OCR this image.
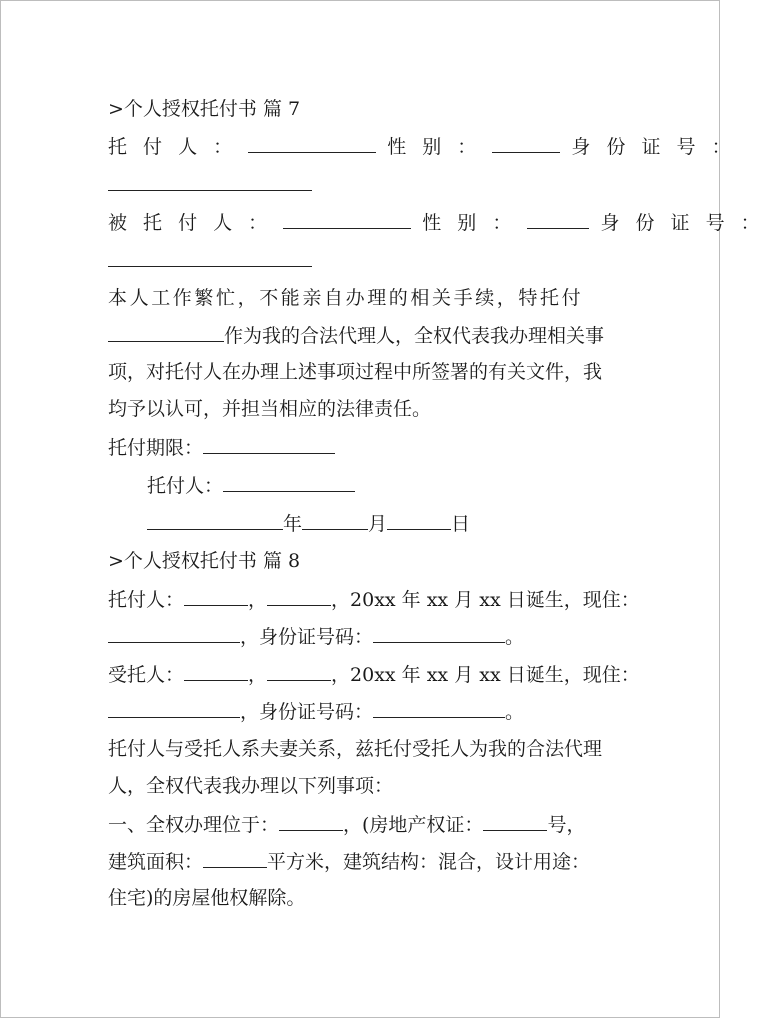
>个人授权托付书 篇 7
托 付 人 ：	性 别 ：	身 份 证 号 ：
被 托 付 人 ：	性 别 ：	身 份 证 号 ：
本人工作繁忙，不能亲自办理的相关手续，特托付
作为我的合法代理人，全权代表我办理相关事
项，对托付人在办理上述事项过程中所签署的有关文件，我
均予以认可，并担当相应的法律责任。
托付期限：
托付人：
年	月	日
>个人授权托付书 篇 8
托付人：	，	，20xx 年 xx 月 xx 日诞生，现住：
，身份证号码：	。
受托人：	，	，20xx 年 xx 月 xx 日诞生，现住：
，身份证号码：	。
托付人与受托人系夫妻关系，兹托付受托人为我的合法代理
人，全权代表我办理以下列事项：
一、全权办理位于：	，(房地产权证：	号，
建筑面积：	平方米，建筑结构：混合，设计用途：
住宅)的房屋他权解除。
